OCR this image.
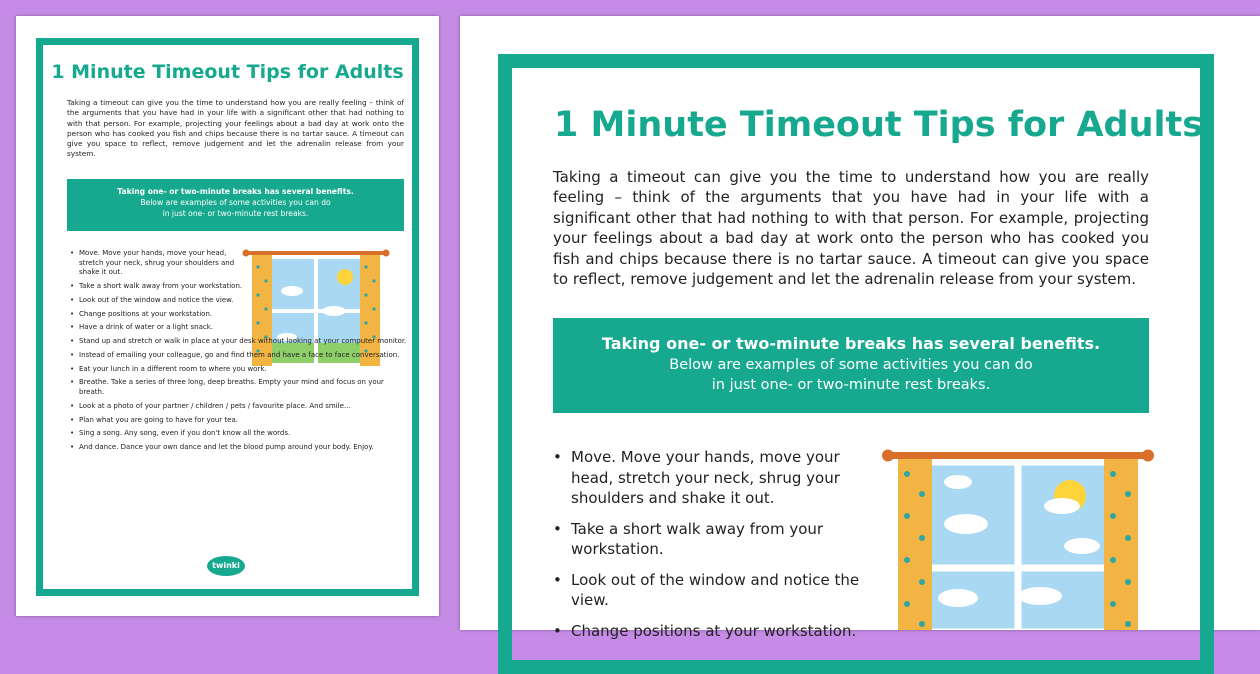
1 Minute Timeout Tips for Adults
Taking a timeout can give you the time to understand how you are really feeling – think of the arguments that you have had in your life with a significant other that had nothing to with that person. For example, projecting your feelings about a bad day at work onto the person who has cooked you fish and chips because there is no tartar sauce. A timeout can give you space to reflect, remove judgement and let the adrenalin release from your system.
Taking one- or two-minute breaks has several benefits.
Below are examples of some activities you can do
in just one- or two-minute rest breaks.
• Move. Move your hands, move your head, stretch your neck, shrug your shoulders and shake it out.
• Take a short walk away from your workstation.
• Look out of the window and notice the view.
• Change positions at your workstation.
• Have a drink of water or a light snack.
• Stand up and stretch or walk in place at your desk without looking at your computer monitor.
• Instead of emailing your colleague, go and find them and have a face to face conversation.
• Eat your lunch in a different room to where you work.
• Breathe. Take a series of three long, deep breaths. Empty your mind and focus on your breath.
• Look at a photo of your partner / children / pets / favourite place. And smile...
• Plan what you are going to have for your tea.
• Sing a song. Any song, even if you don't know all the words.
• And dance. Dance your own dance and let the blood pump around your body. Enjoy.
twinkl
1 Minute Timeout Tips for Adults
Taking a timeout can give you the time to understand how you are really feeling – think of the arguments that you have had in your life with a significant other that had nothing to with that person. For example, projecting your feelings about a bad day at work onto the person who has cooked you fish and chips because there is no tartar sauce. A timeout can give you space to reflect, remove judgement and let the adrenalin release from your system.
Taking one- or two-minute breaks has several benefits.
Below are examples of some activities you can do
in just one- or two-minute rest breaks.
• Move. Move your hands, move your head, stretch your neck, shrug your shoulders and shake it out.
• Take a short walk away from your workstation.
• Look out of the window and notice the view.
• Change positions at your workstation.
